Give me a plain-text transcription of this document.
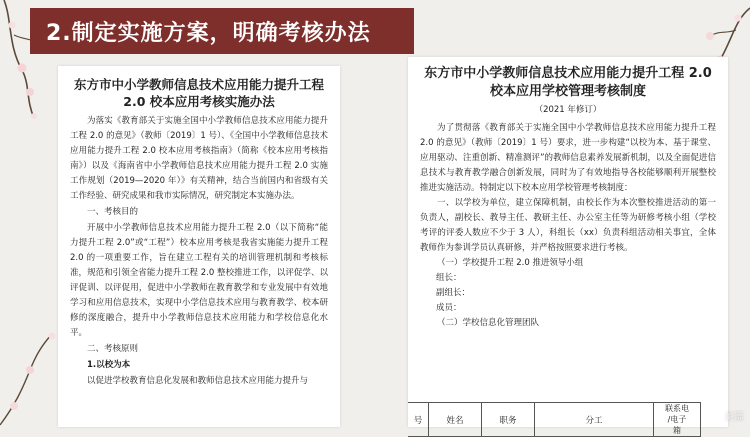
2.制定实施方案，明确考核办法
东方市中小学教师信息技术应用能力提升工程 2.0 校本应用考核实施办法
为落实《教育部关于实施全国中小学教师信息技术应用能力提升工程 2.0 的意见》（教师〔2019〕1 号）、《全国中小学教师信息技术应用能力提升工程 2.0 校本应用考核指南》（简称《校本应用考核指南》）以及《海南省中小学教师信息技术应用能力提升工程 2.0 实施工作规划（2019—2020 年）》有关精神，结合当前国内和省级有关工作经验、研究成果和我市实际情况，研究制定本实施办法。
一、考核目的
开展中小学教师信息技术应用能力提升工程 2.0（以下简称“能力提升工程 2.0”或“工程”）校本应用考核是我省实施能力提升工程 2.0 的一项重要工作，旨在建立工程有关的培训管理机制和考核标准，规范和引领全省能力提升工程 2.0 整校推进工作，以评促学、以评促训、以评促用，促进中小学教师在教育教学和专业发展中有效地学习和应用信息技术，实现中小学信息技术应用与教育教学、校本研修的深度融合，提升中小学教师信息技术应用能力和学校信息化水平。
二、考核原则
1.以校为本
以促进学校教育信息化发展和教师信息技术应用能力提升与
东方市中小学教师信息技术应用能力提升工程 2.0 校本应用学校管理考核制度
（2021 年修订）
为了贯彻落《教育部关于实施全国中小学教师信息技术应用能力提升工程 2.0 的意见》（教师〔2019〕1 号）要求，进一步构建“以校为本、基于课堂、应用驱动、注重创新、精准测评”的教师信息素养发展新机制，以及全面促进信息技术与教育教学融合创新发展，同时为了有效地指导各校能够顺利开展整校推进实施活动。特制定以下校本应用学校管理考核制度：
一、以学校为单位，建立保障机制，由校长作为本次整校推进活动的第一负责人，副校长、教导主任、教研主任、办公室主任等为研修考核小组（学校考评的评委人数应不少于 3 人），科组长（xx）负责科组活动相关事宜，全体教师作为参训学员认真研修，并严格按照要求进行考核。
（一）学校提升工程 2.0 推进领导小组
组长：
副组长：
成员：
（二）学校信息化管理团队
号	姓名	职务	分工	联系电
/电子
箱
美篇
